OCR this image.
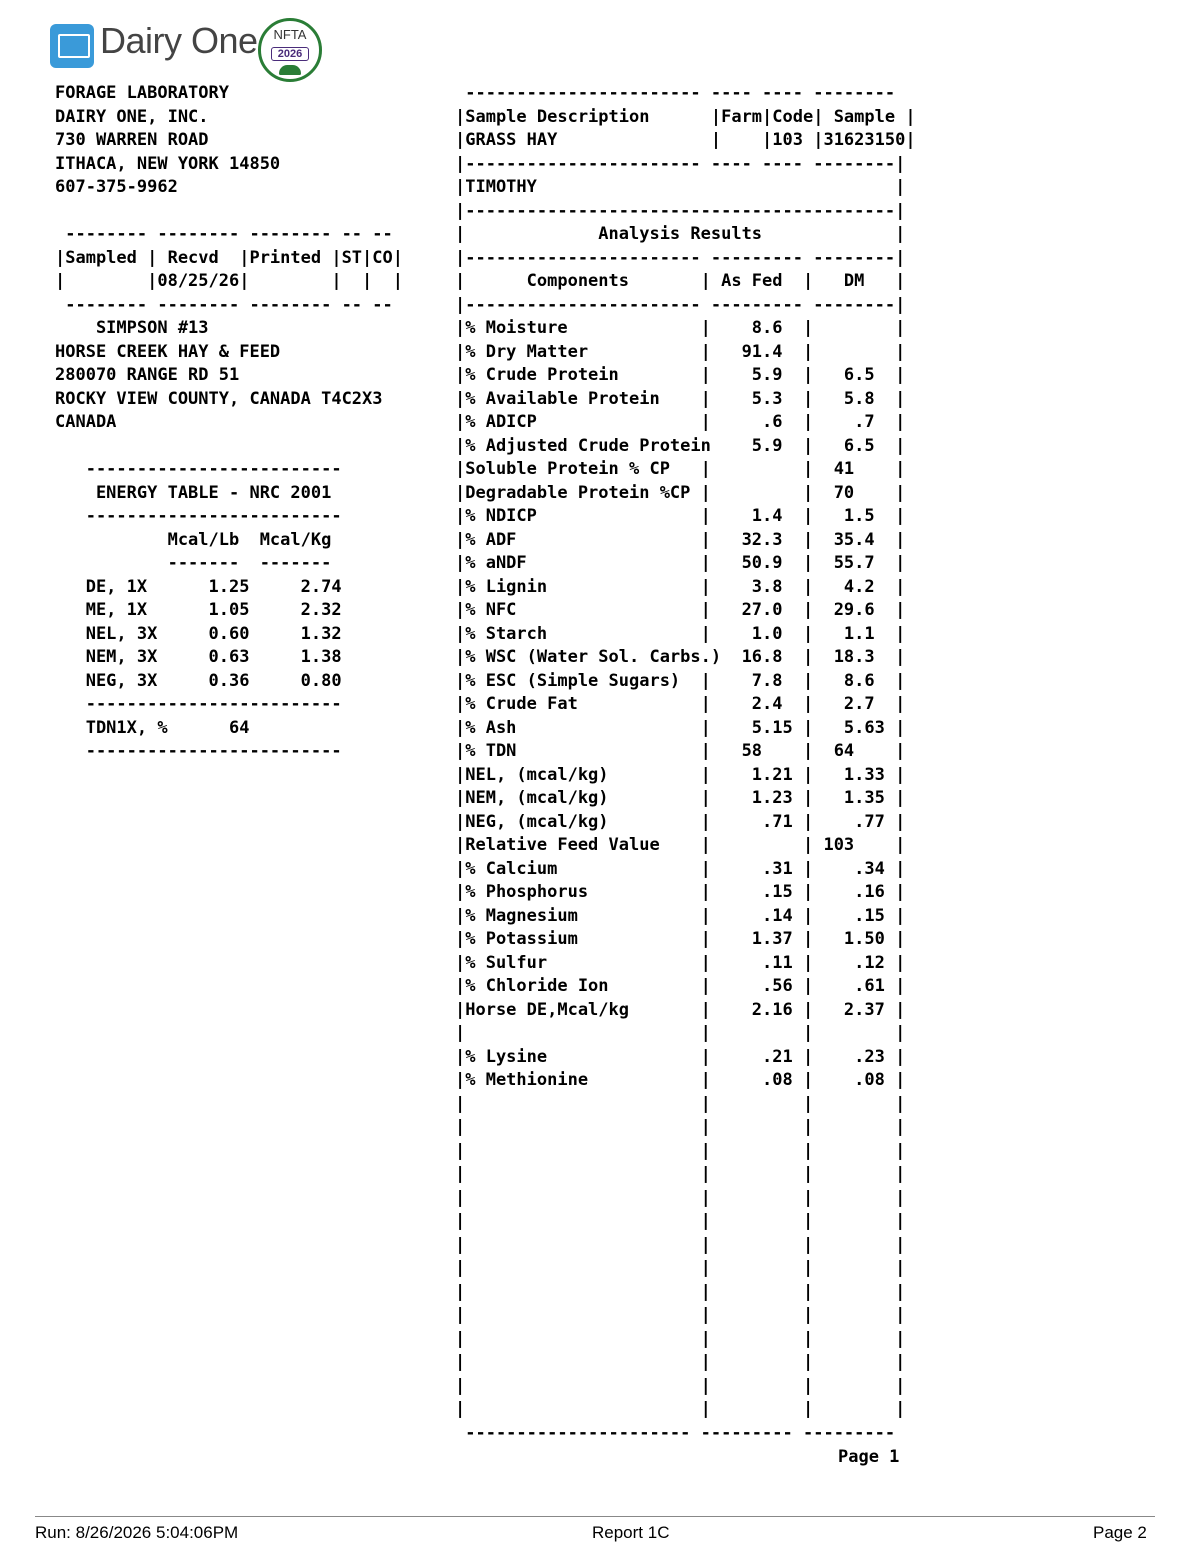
Dairy One	NFTA
2026
FORAGE LABORATORY
DAIRY ONE, INC.
730 WARREN ROAD
ITHACA, NEW YORK 14850
607-375-9962
-------- -------- -------- -- --
|Sampled | Recvd  |Printed |ST|CO|
|        |08/25/26|        |  |  |
-------- -------- -------- -- --
SIMPSON #13
HORSE CREEK HAY & FEED
280070 RANGE RD 51
ROCKY VIEW COUNTY, CANADA T4C2X3
CANADA
-------------------------
ENERGY TABLE - NRC 2001
-------------------------
Mcal/Lb  Mcal/Kg
-------  -------
DE, 1X      1.25     2.74
ME, 1X      1.05     2.32
NEL, 3X     0.60     1.32
NEM, 3X     0.63     1.38
NEG, 3X     0.36     0.80
-------------------------
TDN1X, %      64
-------------------------
----------------------- ---- ---- --------
|Sample Description      |Farm|Code| Sample |
|GRASS HAY               |    |103 |31623150|
|----------------------- ---- ---- --------|
|TIMOTHY                                   |
|------------------------------------------|
|             Analysis Results             |
|----------------------- --------- --------|
|      Components       | As Fed  |   DM   |
|----------------------- --------- --------|
|% Moisture             |    8.6  |        |
|% Dry Matter           |   91.4  |        |
|% Crude Protein        |    5.9  |   6.5  |
|% Available Protein    |    5.3  |   5.8  |
|% ADICP                |     .6  |    .7  |
|% Adjusted Crude Protein    5.9  |   6.5  |
|Soluble Protein % CP   |         |  41    |
|Degradable Protein %CP |         |  70    |
|% NDICP                |    1.4  |   1.5  |
|% ADF                  |   32.3  |  35.4  |
|% aNDF                 |   50.9  |  55.7  |
|% Lignin               |    3.8  |   4.2  |
|% NFC                  |   27.0  |  29.6  |
|% Starch               |    1.0  |   1.1  |
|% WSC (Water Sol. Carbs.)  16.8  |  18.3  |
|% ESC (Simple Sugars)  |    7.8  |   8.6  |
|% Crude Fat            |    2.4  |   2.7  |
|% Ash                  |    5.15 |   5.63 |
|% TDN                  |   58    |  64    |
|NEL, (mcal/kg)         |    1.21 |   1.33 |
|NEM, (mcal/kg)         |    1.23 |   1.35 |
|NEG, (mcal/kg)         |     .71 |    .77 |
|Relative Feed Value    |         | 103    |
|% Calcium              |     .31 |    .34 |
|% Phosphorus           |     .15 |    .16 |
|% Magnesium            |     .14 |    .15 |
|% Potassium            |    1.37 |   1.50 |
|% Sulfur               |     .11 |    .12 |
|% Chloride Ion         |     .56 |    .61 |
|Horse DE,Mcal/kg       |    2.16 |   2.37 |
|                       |         |        |
|% Lysine               |     .21 |    .23 |
|% Methionine           |     .08 |    .08 |
|                       |         |        |
|                       |         |        |
|                       |         |        |
|                       |         |        |
|                       |         |        |
|                       |         |        |
|                       |         |        |
|                       |         |        |
|                       |         |        |
|                       |         |        |
|                       |         |        |
|                       |         |        |
|                       |         |        |
|                       |         |        |
---------------------- --------- ---------
Page 1
Run: 8/26/2026 5:04:06PM	Report 1C	Page 2
